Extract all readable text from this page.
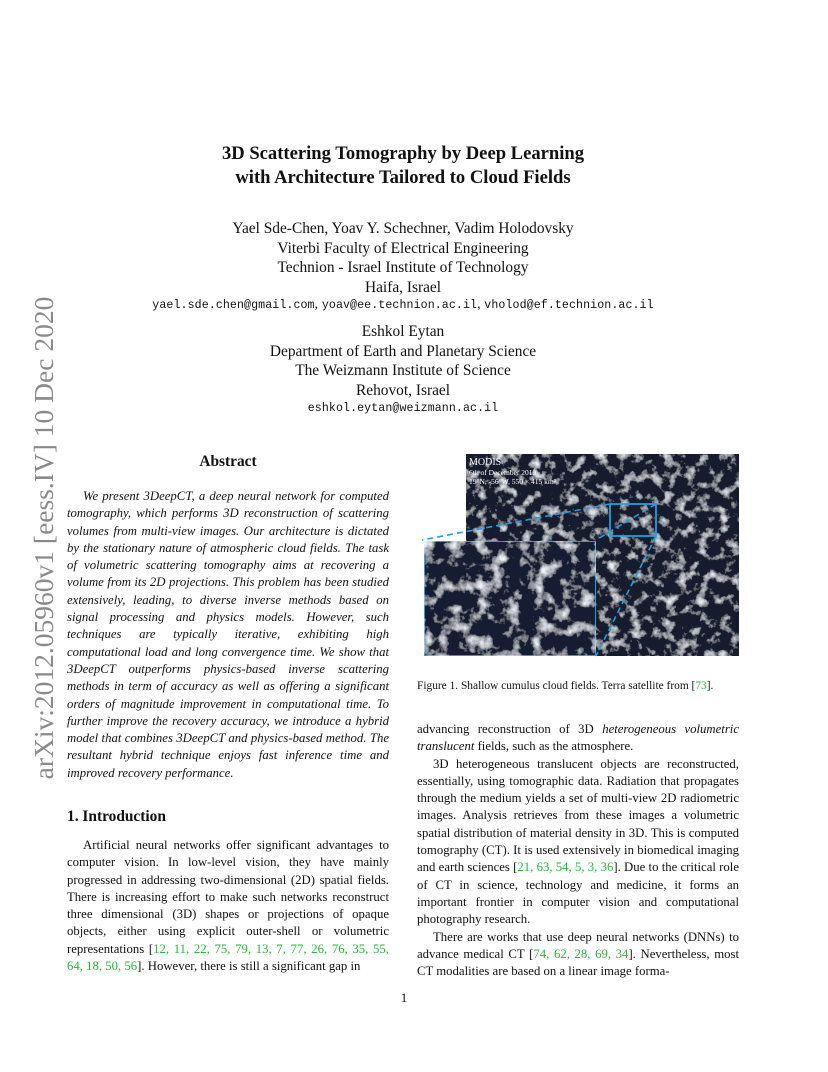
arXiv:2012.05960v1 [eess.IV] 10 Dec 2020
3D Scattering Tomography by Deep Learning
with Architecture Tailored to Cloud Fields
Yael Sde-Chen, Yoav Y. Schechner, Vadim Holodovsky
Viterbi Faculty of Electrical Engineering
Technion - Israel Institute of Technology
Haifa, Israel
yael.sde.chen@gmail.com, yoav@ee.technion.ac.il, vholod@ef.technion.ac.il
Eshkol Eytan
Department of Earth and Planetary Science
The Weizmann Institute of Science
Rehovot, Israel
eshkol.eytan@weizmann.ac.il
Abstract

We present 3DeepCT, a deep neural network for computed tomography, which performs 3D reconstruction of scattering volumes from multi-view images. Our architecture is dictated by the stationary nature of atmospheric cloud fields. The task of volumetric scattering tomography aims at recovering a volume from its 2D projections. This problem has been studied extensively, leading, to diverse inverse methods based on signal processing and physics models. However, such techniques are typically iterative, exhibiting high computational load and long convergence time. We show that 3DeepCT outperforms physics-based inverse scattering methods in term of accuracy as well as offering a significant orders of magnitude improvement in computational time. To further improve the recovery accuracy, we introduce a hybrid model that combines 3DeepCT and physics-based method. The resultant hybrid technique enjoys fast inference time and improved recovery performance.

1. Introduction

Artificial neural networks offer significant advantages to computer vision. In low-level vision, they have mainly progressed in addressing two-dimensional (2D) spatial fields. There is increasing effort to make such networks reconstruct three dimensional (3D) shapes or projections of opaque objects, either using explicit outer-shell or volumetric representations [12, 11, 22, 75, 79, 13, 7, 77, 26, 76, 35, 55, 64, 18, 50, 56]. However, there is still a significant gap in

MODIS
6th of December 2019
19°N, -56°W, 550 × 415 km²
Figure 1. Shallow cumulus cloud fields. Terra satellite from [73].

advancing reconstruction of 3D heterogeneous volumetric translucent fields, such as the atmosphere.

3D heterogeneous translucent objects are reconstructed, essentially, using tomographic data. Radiation that propagates through the medium yields a set of multi-view 2D radiometric images. Analysis retrieves from these images a volumetric spatial distribution of material density in 3D. This is computed tomography (CT). It is used extensively in biomedical imaging and earth sciences [21, 63, 54, 5, 3, 36]. Due to the critical role of CT in science, technology and medicine, it forms an important frontier in computer vision and computational photography research.

There are works that use deep neural networks (DNNs) to advance medical CT [74, 62, 28, 69, 34]. Nevertheless, most CT modalities are based on a linear image forma-

1
